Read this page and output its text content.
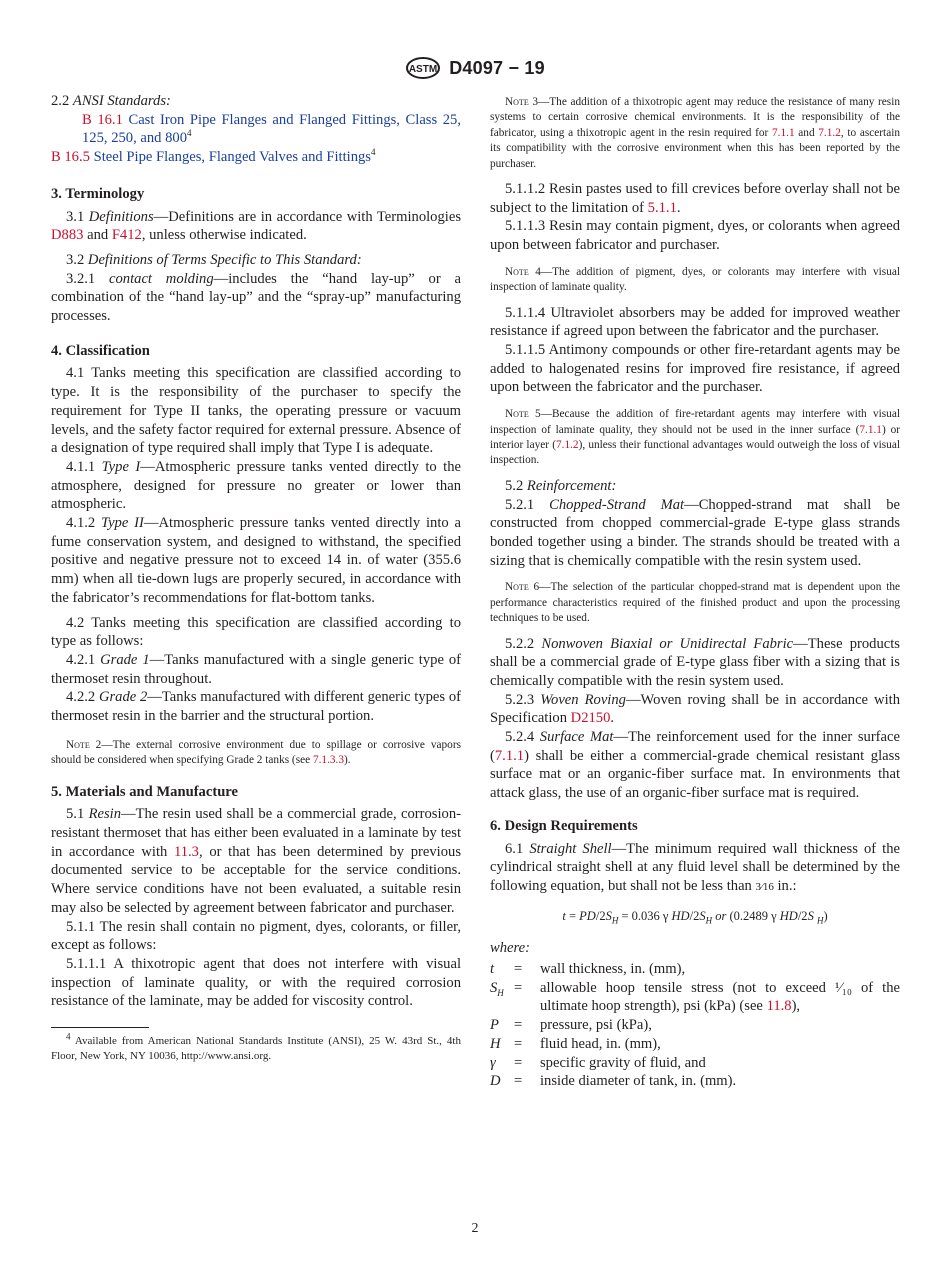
ASTM D4097 − 19

2.2 ANSI Standards:

B 16.1 Cast Iron Pipe Flanges and Flanged Fittings, Class 25, 125, 250, and $800^4$

B 16.5 Steel Pipe Flanges, Flanged Valves and Fittings$^4$

3. Terminology

3.1 Definitions—Definitions are in accordance with Terminologies D883 and F412, unless otherwise indicated.

3.2 Definitions of Terms Specific to This Standard:

3.2.1 contact molding—includes the “hand lay-up” or a combination of the “hand lay-up” and the “spray-up” manufacturing processes.

4. Classification

4.1 Tanks meeting this specification are classified according to type. It is the responsibility of the purchaser to specify the requirement for Type II tanks, the operating pressure or vacuum levels, and the safety factor required for external pressure. Absence of a designation of type required shall imply that Type I is adequate.

4.1.1 Type I—Atmospheric pressure tanks vented directly to the atmosphere, designed for pressure no greater or lower than atmospheric.

4.1.2 Type II—Atmospheric pressure tanks vented directly into a fume conservation system, and designed to withstand, the specified positive and negative pressure not to exceed 14 in. of water (355.6 mm) when all tie-down lugs are properly secured, in accordance with the fabricator’s recommendations for flat-bottom tanks.

4.2 Tanks meeting this specification are classified according to type as follows:

4.2.1 Grade 1—Tanks manufactured with a single generic type of thermoset resin throughout.

4.2.2 Grade 2—Tanks manufactured with different generic types of thermoset resin in the barrier and the structural portion.

Note 2—The external corrosive environment due to spillage or corrosive vapors should be considered when specifying Grade 2 tanks (see 7.1.3.3).

5. Materials and Manufacture

5.1 Resin—The resin used shall be a commercial grade, corrosion-resistant thermoset that has either been evaluated in a laminate by test in accordance with 11.3, or that has been determined by previous documented service to be acceptable for the service conditions. Where service conditions have not been evaluated, a suitable resin may also be selected by agreement between fabricator and purchaser.

5.1.1 The resin shall contain no pigment, dyes, colorants, or filler, except as follows:

5.1.1.1 A thixotropic agent that does not interfere with visual inspection of laminate quality, or with the required corrosion resistance of the laminate, may be added for viscosity control.

$^4$ Available from American National Standards Institute (ANSI), 25 W. 43rd St., 4th Floor, New York, NY 10036, http://www.ansi.org.
Note 3—The addition of a thixotropic agent may reduce the resistance of many resin systems to certain corrosive chemical environments. It is the responsibility of the fabricator, using a thixotropic agent in the resin required for 7.1.1 and 7.1.2, to ascertain its compatibility with the corrosive environment when this has been reported by the purchaser.

5.1.1.2 Resin pastes used to fill crevices before overlay shall not be subject to the limitation of 5.1.1.

5.1.1.3 Resin may contain pigment, dyes, or colorants when agreed upon between fabricator and purchaser.

Note 4—The addition of pigment, dyes, or colorants may interfere with visual inspection of laminate quality.

5.1.1.4 Ultraviolet absorbers may be added for improved weather resistance if agreed upon between the fabricator and the purchaser.

5.1.1.5 Antimony compounds or other fire-retardant agents may be added to halogenated resins for improved fire resistance, if agreed upon between the fabricator and the purchaser.

Note 5—Because the addition of fire-retardant agents may interfere with visual inspection of laminate quality, they should not be used in the inner surface (7.1.1) or interior layer (7.1.2), unless their functional advantages would outweigh the loss of visual inspection.

5.2 Reinforcement:

5.2.1 Chopped-Strand Mat—Chopped-strand mat shall be constructed from chopped commercial-grade E-type glass strands bonded together using a binder. The strands should be treated with a sizing that is chemically compatible with the resin system used.

Note 6—The selection of the particular chopped-strand mat is dependent upon the performance characteristics required of the finished product and upon the processing techniques to be used.

5.2.2 Nonwoven Biaxial or Unidirectal Fabric—These products shall be a commercial grade of E-type glass fiber with a sizing that is chemically compatible with the resin system used.

5.2.3 Woven Roving—Woven roving shall be in accordance with Specification D2150.

5.2.4 Surface Mat—The reinforcement used for the inner surface (7.1.1) shall be either a commercial-grade chemical resistant glass surface mat or an organic-fiber surface mat. In environments that attack glass, the use of an organic-fiber surface mat is required.

6. Design Requirements

6.1 Straight Shell—The minimum required wall thickness of the cylindrical straight shell at any fluid level shall be determined by the following equation, but shall not be less than 3⁄16 in.:

$t = PD/2S_H = 0.036$ γ $HD/2S_H$ or (0.2489 γ HD/2S $_H$)

where:

t	=	wall thickness, in. (mm),
$S_H$ =	allowable hoop tensile stress (not to exceed ¹⁄₁₀ of the ultimate hoop strength), psi (kPa) (see 11.8),
P	=	pressure, psi (kPa),
H =	fluid head, in. (mm),
γ	=	specific gravity of fluid, and
D =	inside diameter of tank, in. (mm).
2
